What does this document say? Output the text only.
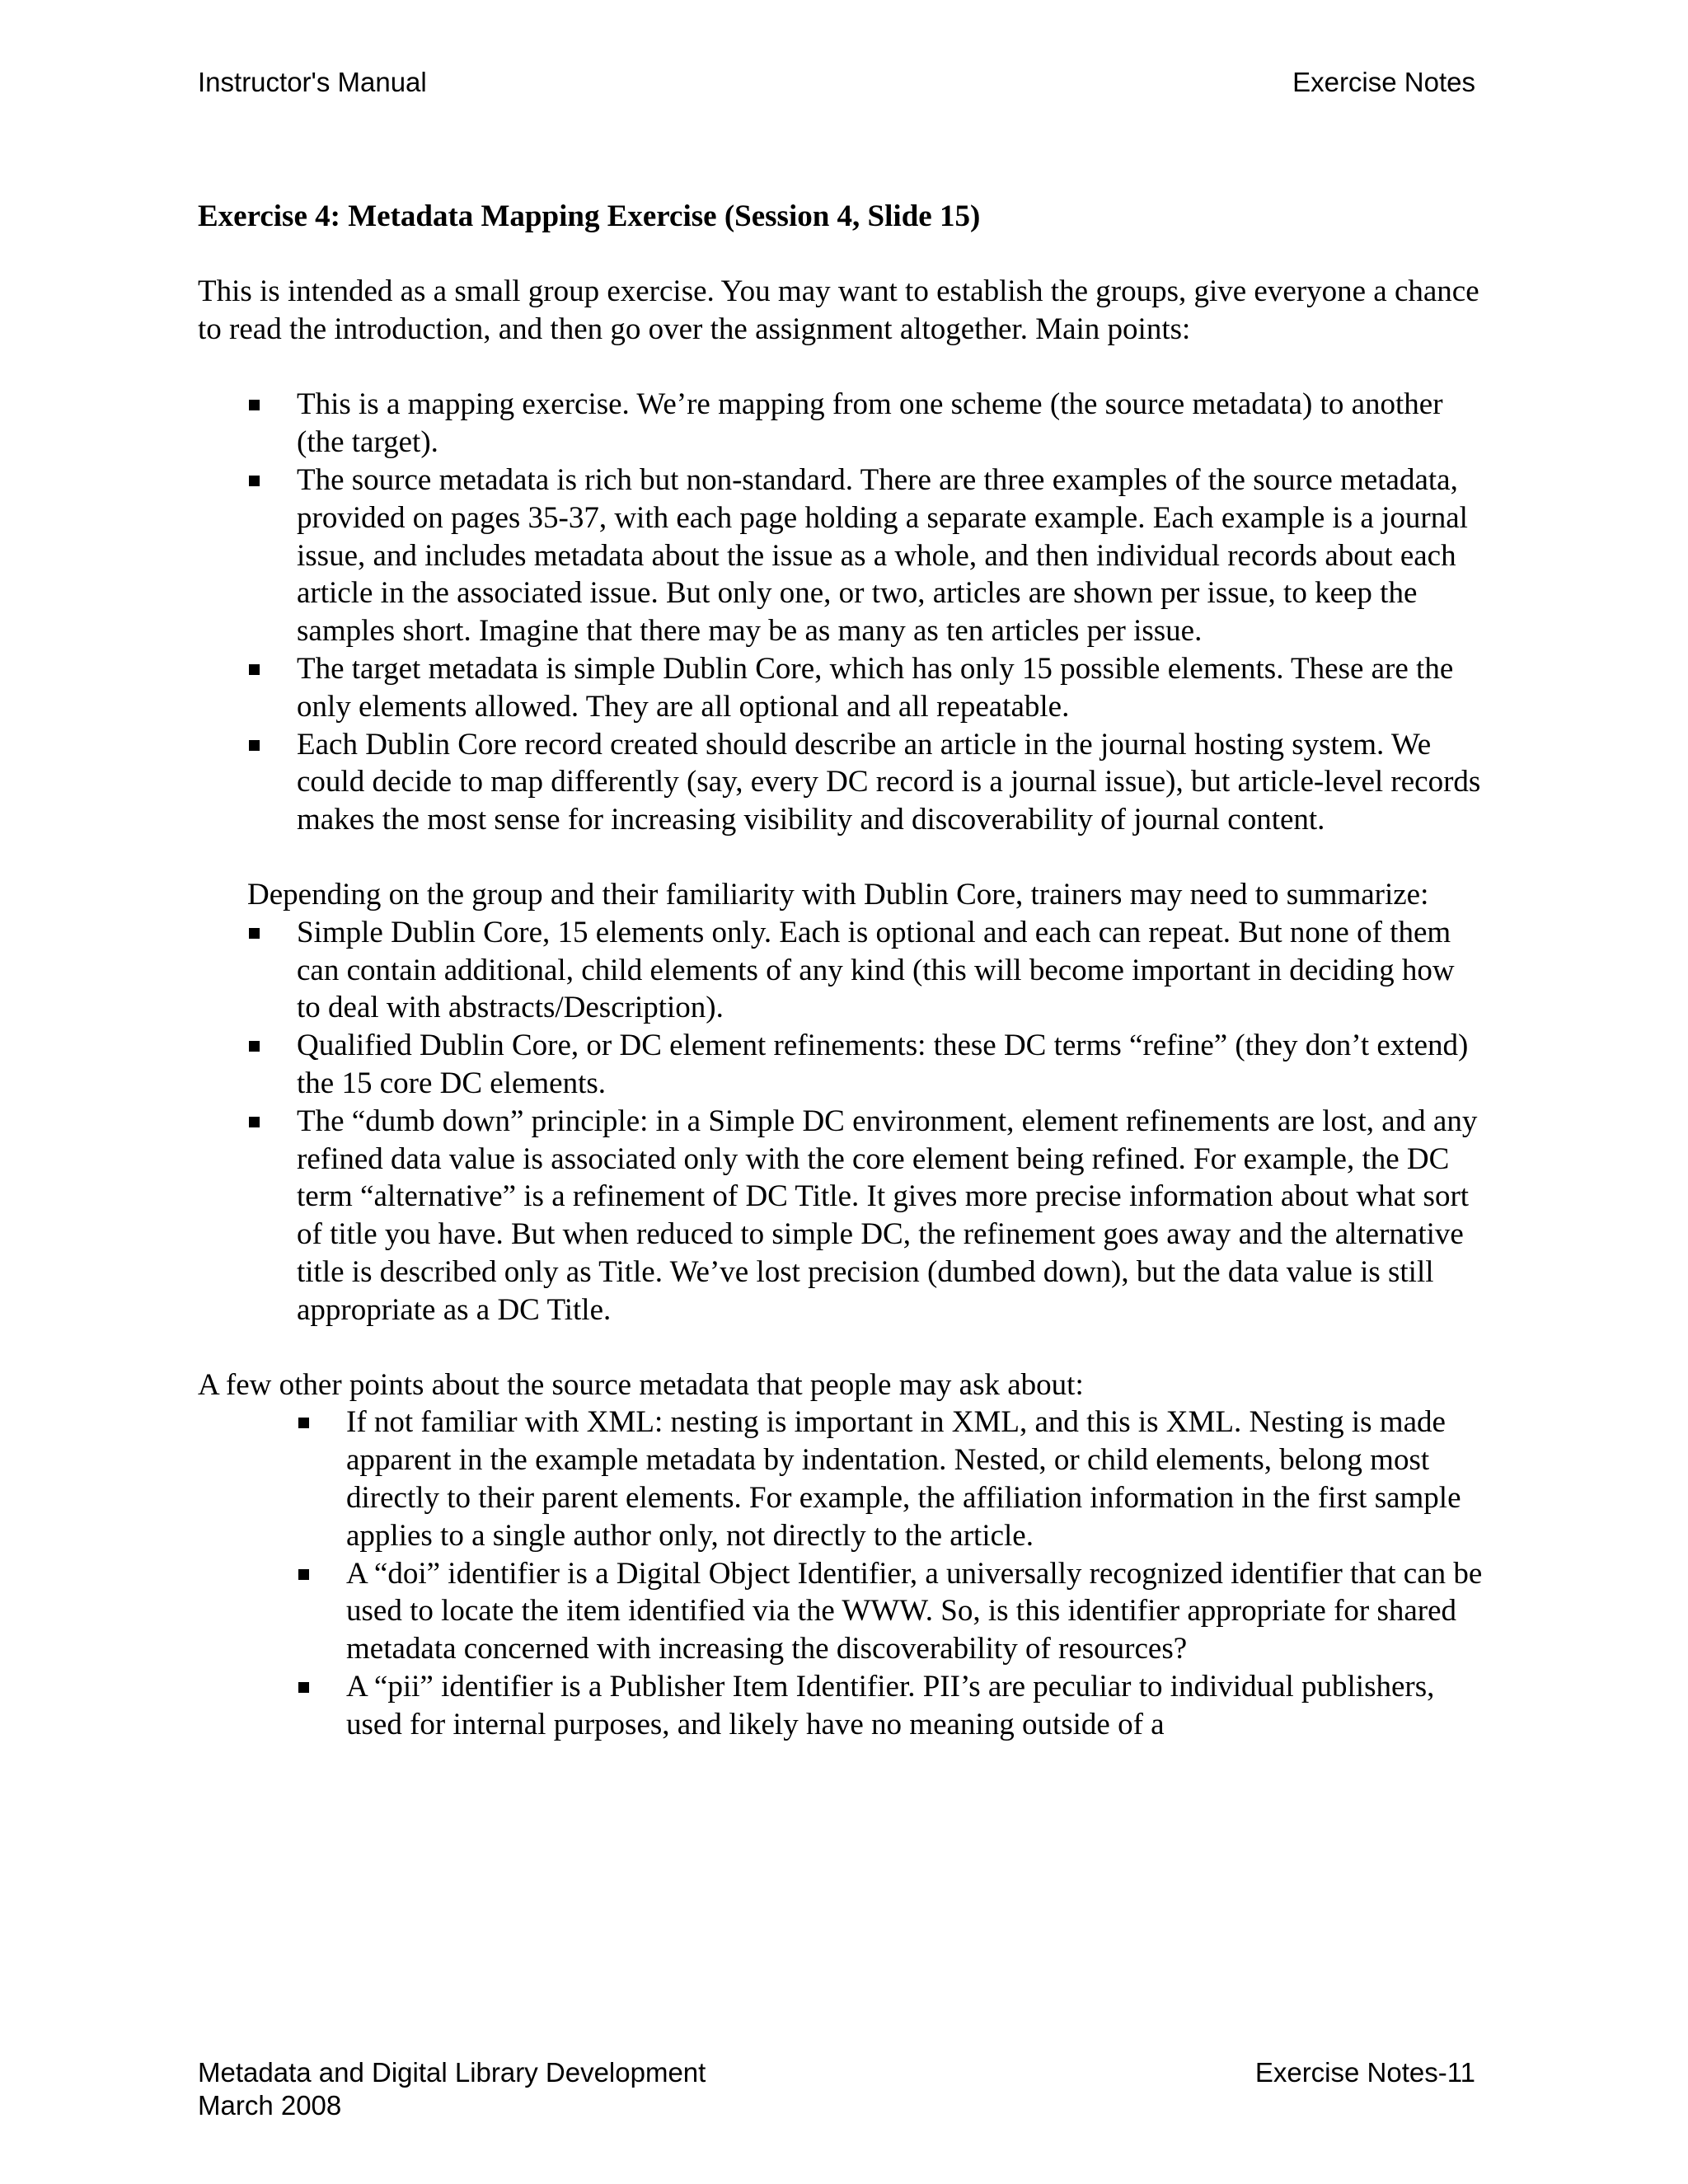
Instructor's Manual	Exercise Notes

Exercise 4: Metadata Mapping Exercise (Session 4, Slide 15)

This is intended as a small group exercise. You may want to establish the groups, give everyone a chance to read the introduction, and then go over the assignment altogether. Main points:

This is a mapping exercise. We’re mapping from one scheme (the source metadata) to another (the target).
The source metadata is rich but non-standard. There are three examples of the source metadata, provided on pages 35-37, with each page holding a separate example. Each example is a journal issue, and includes metadata about the issue as a whole, and then individual records about each article in the associated issue. But only one, or two, articles are shown per issue, to keep the samples short. Imagine that there may be as many as ten articles per issue.
The target metadata is simple Dublin Core, which has only 15 possible elements. These are the only elements allowed. They are all optional and all repeatable.
Each Dublin Core record created should describe an article in the journal hosting system. We could decide to map differently (say, every DC record is a journal issue), but article-level records makes the most sense for increasing visibility and discoverability of journal content.

Depending on the group and their familiarity with Dublin Core, trainers may need to summarize:

Simple Dublin Core, 15 elements only. Each is optional and each can repeat. But none of them can contain additional, child elements of any kind (this will become important in deciding how to deal with abstracts/Description).
Qualified Dublin Core, or DC element refinements: these DC terms “refine” (they don’t extend) the 15 core DC elements.
The “dumb down” principle: in a Simple DC environment, element refinements are lost, and any refined data value is associated only with the core element being refined. For example, the DC term “alternative” is a refinement of DC Title. It gives more precise information about what sort of title you have. But when reduced to simple DC, the refinement goes away and the alternative title is described only as Title. We’ve lost precision (dumbed down), but the data value is still appropriate as a DC Title.

A few other points about the source metadata that people may ask about:

If not familiar with XML: nesting is important in XML, and this is XML. Nesting is made apparent in the example metadata by indentation. Nested, or child elements, belong most directly to their parent elements. For example, the affiliation information in the first sample applies to a single author only, not directly to the article.
A “doi” identifier is a Digital Object Identifier, a universally recognized identifier that can be used to locate the item identified via the WWW. So, is this identifier appropriate for shared metadata concerned with increasing the discoverability of resources?
A “pii” identifier is a Publisher Item Identifier. PII’s are peculiar to individual publishers, used for internal purposes, and likely have no meaning outside of a
Metadata and Digital Library Development
March 2008
Exercise Notes-11
